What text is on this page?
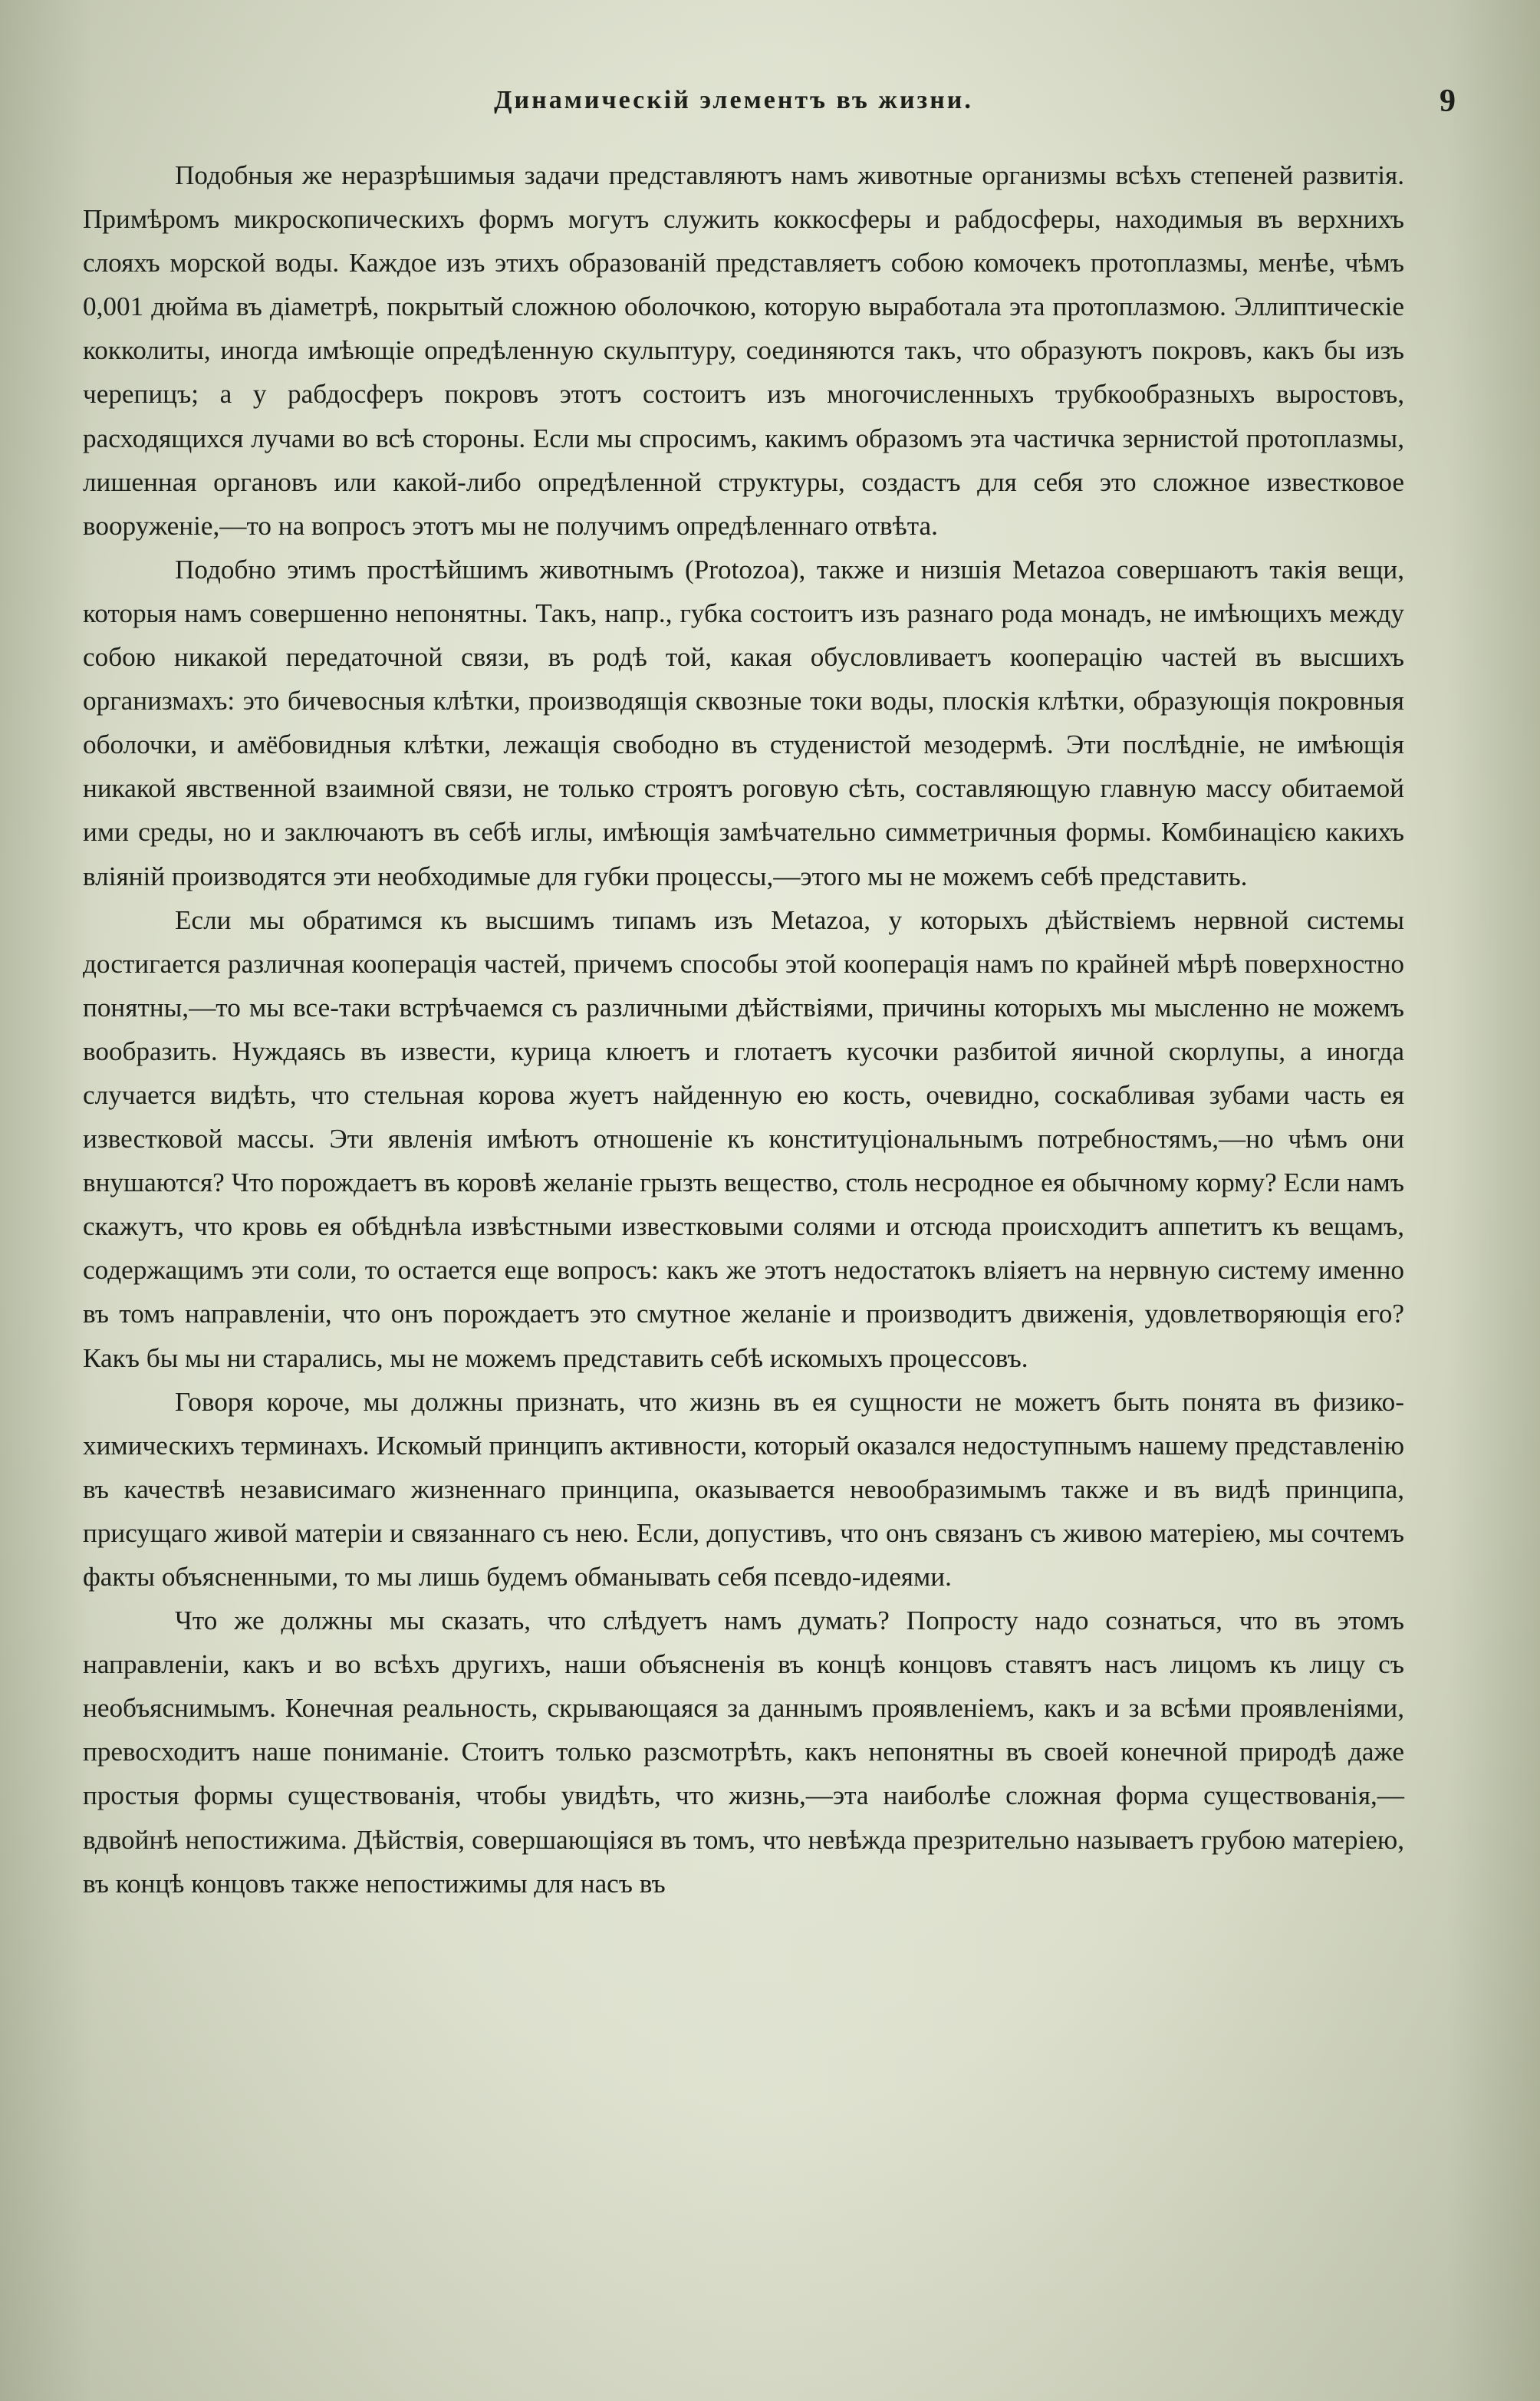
Динамическій элементъ въ жизни.	9

Подобныя же неразрѣшимыя задачи представляютъ намъ животные организмы всѣхъ степеней развитія. Примѣромъ микроскопическихъ формъ могутъ служить коккосферы и рабдосферы, находимыя въ верхнихъ слояхъ морской воды. Каждое изъ этихъ образованій представляетъ собою комочекъ протоплазмы, менѣе, чѣмъ 0,001 дюйма въ діаметрѣ, покрытый сложною оболочкою, которую выработала эта протоплазмою. Эллиптическіе кокколиты, иногда имѣющіе опредѣленную скульптуру, соединяются такъ, что образуютъ покровъ, какъ бы изъ черепицъ; а у рабдосферъ покровъ этотъ состоитъ изъ многочисленныхъ трубкообразныхъ выростовъ, расходящихся лучами во всѣ стороны. Если мы спросимъ, какимъ образомъ эта частичка зернистой протоплазмы, лишенная органовъ или какой-либо опредѣленной структуры, создастъ для себя это сложное известковое вооруженіе,—то на вопросъ этотъ мы не получимъ опредѣленнаго отвѣта.

Подобно этимъ простѣйшимъ животнымъ (Protozoa), также и низшія Metazoa совершаютъ такія вещи, которыя намъ совершенно непонятны. Такъ, напр., губка состоитъ изъ разнаго рода монадъ, не имѣющихъ между собою никакой передаточной связи, въ родѣ той, какая обусловливаетъ кооперацію частей въ высшихъ организмахъ: это бичевосныя клѣтки, производящія сквозные токи воды, плоскія клѣтки, образующія покровныя оболочки, и амёбовидныя клѣтки, лежащія свободно въ студенистой мезодермѣ. Эти послѣдніе, не имѣющія никакой явственной взаимной связи, не только строятъ роговую сѣть, составляющую главную массу обитаемой ими среды, но и заключаютъ въ себѣ иглы, имѣющія замѣчательно симметричныя формы. Комбинацією какихъ вліяній производятся эти необходимые для губки процессы,—этого мы не можемъ себѣ представить.

Если мы обратимся къ высшимъ типамъ изъ Metazoa, у которыхъ дѣйствіемъ нервной системы достигается различная кооперація частей, причемъ способы этой кооперація намъ по крайней мѣрѣ поверхностно понятны,—то мы все-таки встрѣчаемся съ различными дѣйствіями, причины которыхъ мы мысленно не можемъ вообразить. Нуждаясь въ извести, курица клюетъ и глотаетъ кусочки разбитой яичной скорлупы, а иногда случается видѣть, что стельная корова жуетъ найденную ею кость, очевидно, соскабливая зубами часть ея известковой массы. Эти явленія имѣютъ отношеніе къ конституціональнымъ потребностямъ,—но чѣмъ они внушаются? Что порождаетъ въ коровѣ желаніе грызть вещество, столь несродное ея обычному корму? Если намъ скажутъ, что кровь ея обѣднѣла извѣстными известковыми солями и отсюда происходитъ аппетитъ къ вещамъ, содержащимъ эти соли, то остается еще вопросъ: какъ же этотъ недостатокъ вліяетъ на нервную систему именно въ томъ направленіи, что онъ порождаетъ это смутное желаніе и производитъ движенія, удовлетворяющія его? Какъ бы мы ни старались, мы не можемъ представить себѣ искомыхъ процессовъ.

Говоря короче, мы должны признать, что жизнь въ ея сущности не можетъ быть понята въ физико-химическихъ терминахъ. Искомый принципъ активности, который оказался недоступнымъ нашему представленію въ качествѣ независимаго жизненнаго принципа, оказывается невообразимымъ также и въ видѣ принципа, присущаго живой матеріи и связаннаго съ нею. Если, допустивъ, что онъ связанъ съ живою матеріею, мы сочтемъ факты объясненными, то мы лишь будемъ обманывать себя псевдо-идеями.

Что же должны мы сказать, что слѣдуетъ намъ думать? Попросту надо сознаться, что въ этомъ направленіи, какъ и во всѣхъ другихъ, наши объясненія въ концѣ концовъ ставятъ насъ лицомъ къ лицу съ необъяснимымъ. Конечная реальность, скрывающаяся за даннымъ проявленіемъ, какъ и за всѣми проявленіями, превосходитъ наше пониманіе. Стоитъ только разсмотрѣть, какъ непонятны въ своей конечной природѣ даже простыя формы существованія, чтобы увидѣть, что жизнь,—эта наиболѣе сложная форма существованія,—вдвойнѣ непостижима. Дѣйствія, совершающіяся въ томъ, что невѣжда презрительно называетъ грубою матеріею, въ концѣ концовъ также непостижимы для насъ въ
